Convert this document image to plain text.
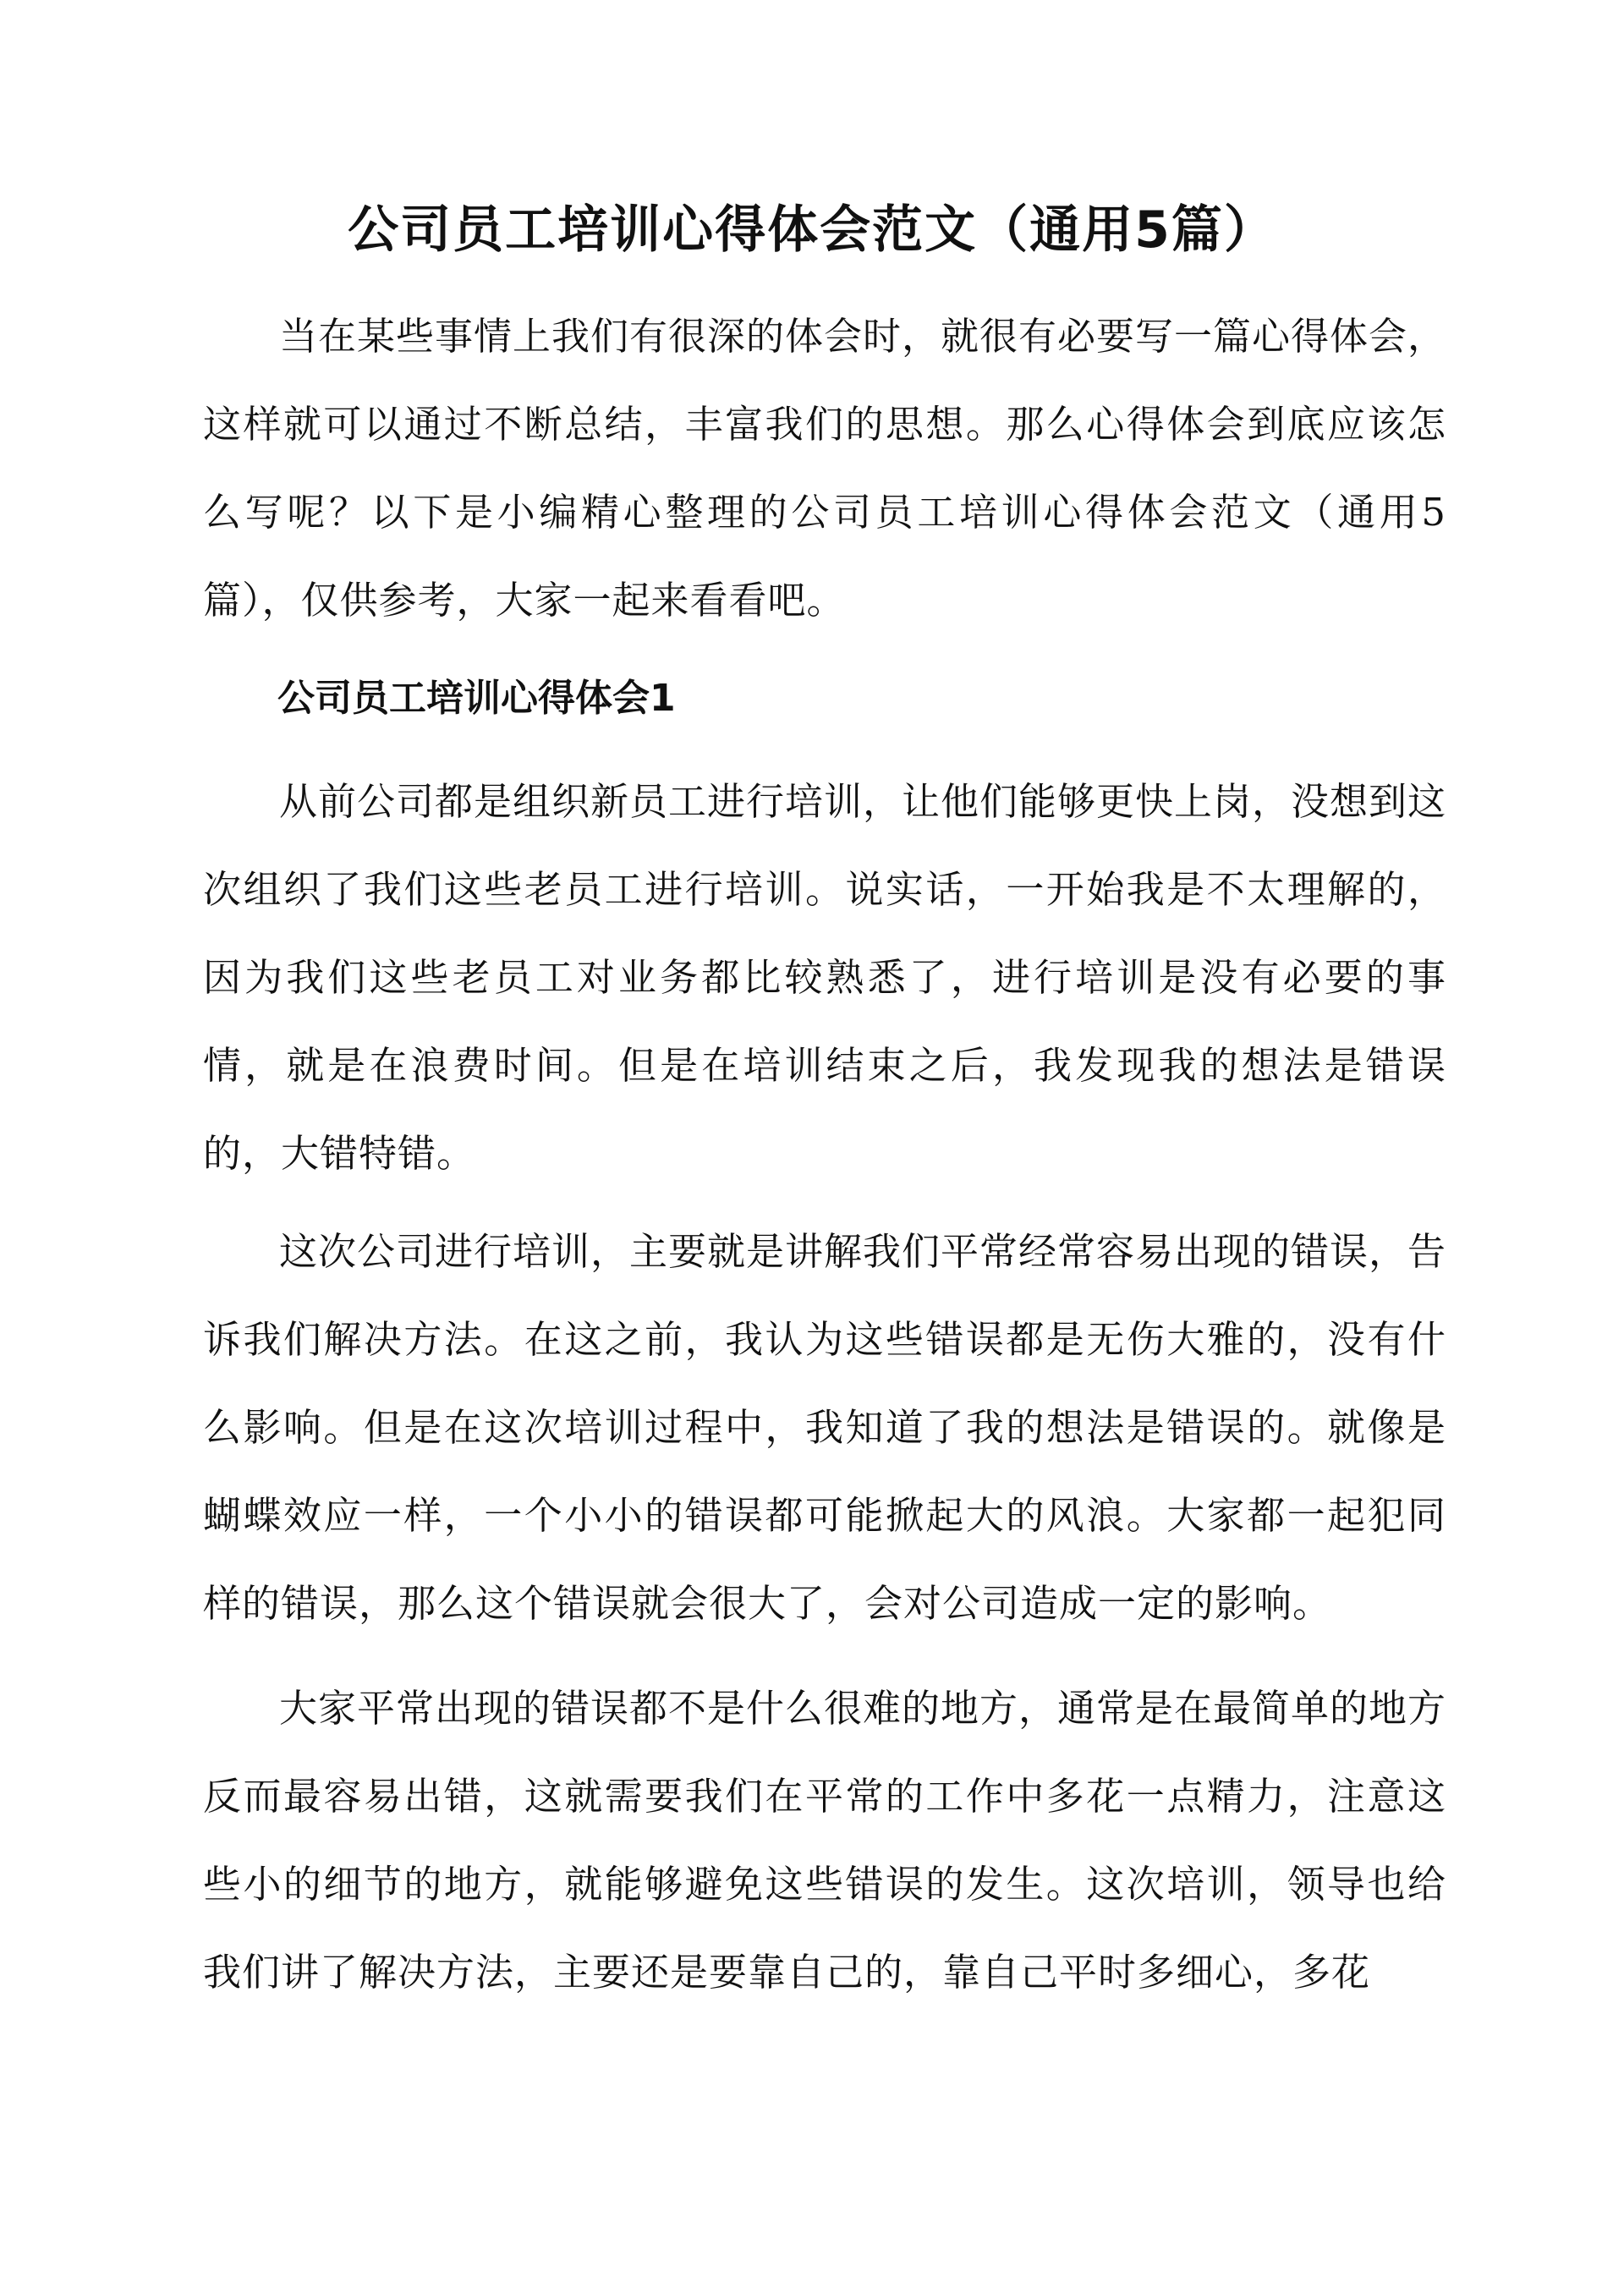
公司员工培训心得体会范文（通用5篇）

当在某些事情上我们有很深的体会时，就很有必要写一篇心得体会，这样就可以通过不断总结，丰富我们的思想。那么心得体会到底应该怎么写呢？以下是小编精心整理的公司员工培训心得体会范文（通用5篇），仅供参考，大家一起来看看吧。

公司员工培训心得体会1

从前公司都是组织新员工进行培训，让他们能够更快上岗，没想到这次组织了我们这些老员工进行培训。说实话，一开始我是不太理解的，因为我们这些老员工对业务都比较熟悉了，进行培训是没有必要的事情，就是在浪费时间。但是在培训结束之后，我发现我的想法是错误的，大错特错。

这次公司进行培训，主要就是讲解我们平常经常容易出现的错误，告诉我们解决方法。在这之前，我认为这些错误都是无伤大雅的，没有什么影响。但是在这次培训过程中，我知道了我的想法是错误的。就像是蝴蝶效应一样，一个小小的错误都可能掀起大的风浪。大家都一起犯同样的错误，那么这个错误就会很大了，会对公司造成一定的影响。

大家平常出现的错误都不是什么很难的地方，通常是在最简单的地方反而最容易出错，这就需要我们在平常的工作中多花一点精力，注意这些小的细节的地方，就能够避免这些错误的发生。这次培训，领导也给我们讲了解决方法，主要还是要靠自己的，靠自己平时多细心，多花
